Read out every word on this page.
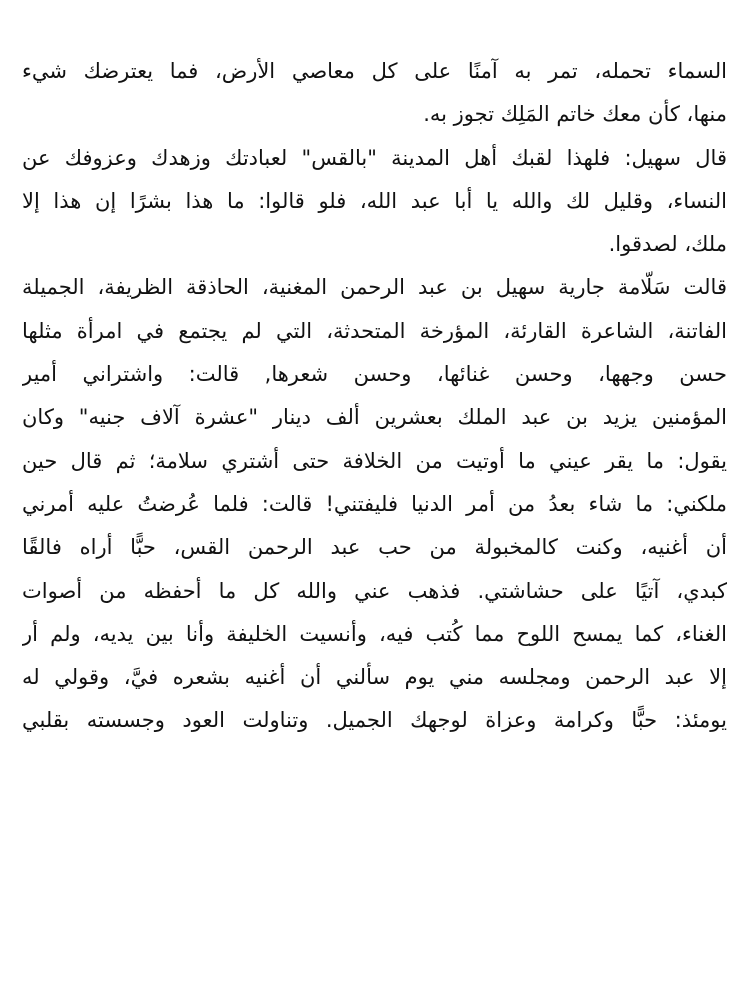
السماء تحمله، تمر به آمنًا على كل معاصي الأرض، فما يعترضك شيء
منها، كأن معك خاتم المَلِك تجوز به.
قال سهيل: فلهذا لقبك أهل المدينة "بالقس" لعبادتك وزهدك وعزوفك عن
النساء، وقليل لك والله يا أبا عبد الله، فلو قالوا: ما هذا بشرًا إن هذا إلا
ملك، لصدقوا.
قالت سَلّامة جارية سهيل بن عبد الرحمن المغنية، الحاذقة الظريفة، الجميلة
الفاتنة، الشاعرة القارئة، المؤرخة المتحدثة، التي لم يجتمع في امرأة مثلها
حسن وجهها، وحسن غنائها، وحسن شعرها, قالت: واشتراني أمير
المؤمنين يزيد بن عبد الملك بعشرين ألف دينار "عشرة آلاف جنيه" وكان
يقول: ما يقر عيني ما أوتيت من الخلافة حتى أشتري سلامة؛ ثم قال حين
ملكني: ما شاء بعدُ من أمر الدنيا فليفتني! قالت: فلما عُرضتُ عليه أمرني
أن أغنيه، وكنت كالمخبولة من حب عبد الرحمن القس، حبًّا أراه فالقًا
كبدي، آتيًا على حشاشتي. فذهب عني والله كل ما أحفظه من أصوات
الغناء، كما يمسح اللوح مما كُتب فيه، وأنسيت الخليفة وأنا بين يديه، ولم أر
إلا عبد الرحمن ومجلسه مني يوم سألني أن أغنيه بشعره فيَّ، وقولي له
يومئذ: حبًّا وكرامة وعزاة لوجهك الجميل. وتناولت العود وجسسته بقلبي
